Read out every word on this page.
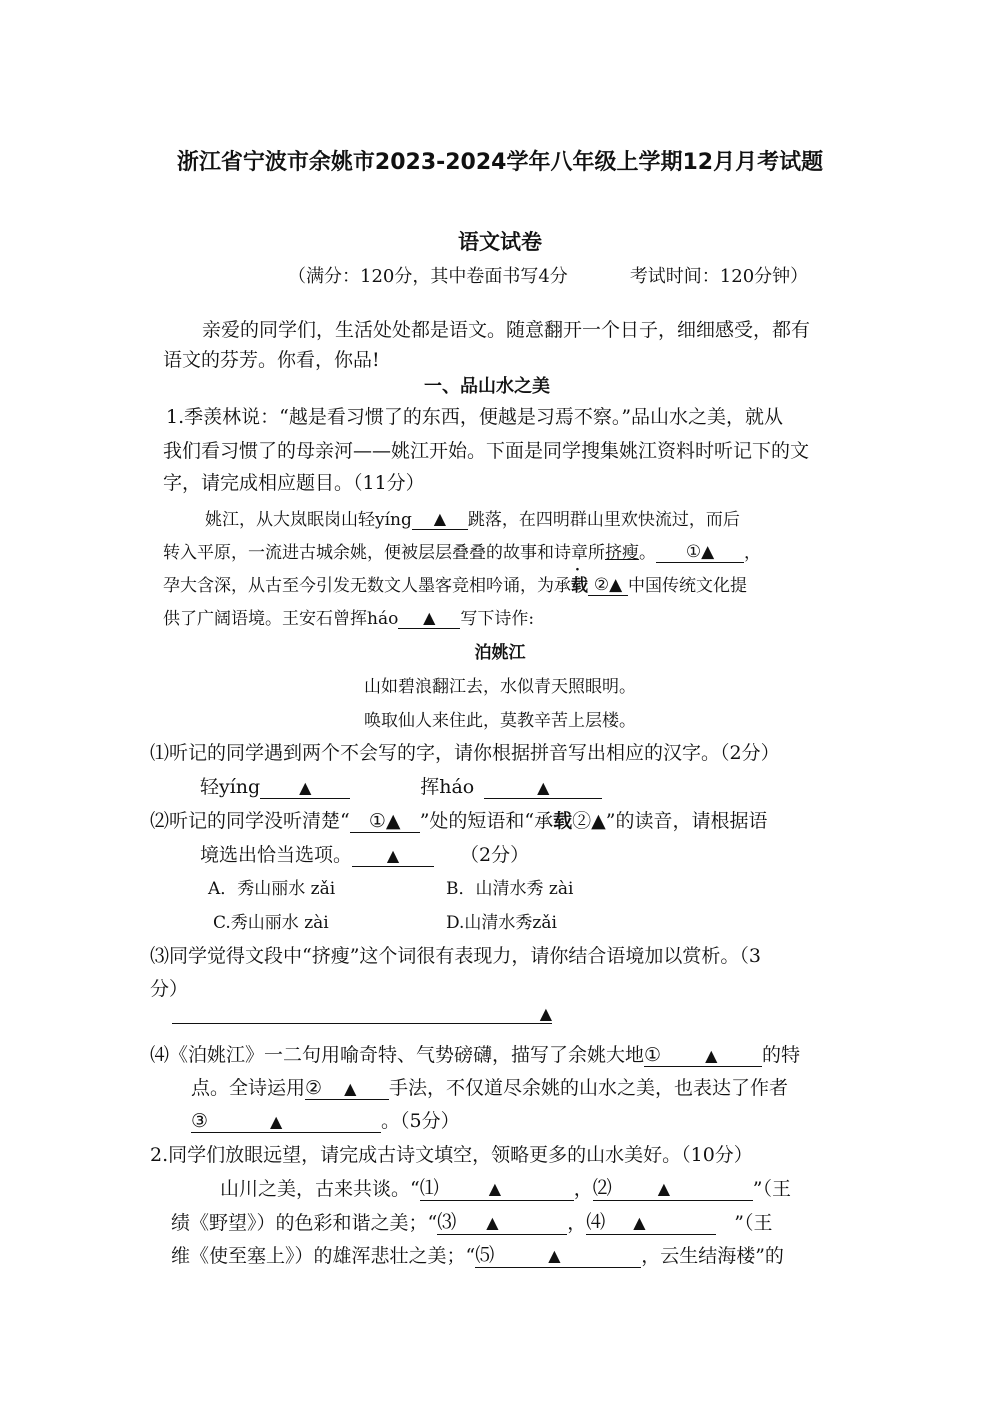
浙江省宁波市余姚市2023-2024学年八年级上学期12月月考试题
语文试卷
（满分：120分，其中卷面书写4分	考试时间：120分钟）
亲爱的同学们，生活处处都是语文。随意翻开一个日子，细细感受，都有
语文的芬芳。你看，你品!
一、品山水之美
1.季羡林说：“越是看习惯了的东西，便越是习焉不察。”品山水之美，就从
我们看习惯了的母亲河——姚江开始。下面是同学搜集姚江资料时听记下的文
字，请完成相应题目。（11分）
姚江，从大岚眠岗山轻yíng ▲ 跳落，在四明群山里欢快流过，而后
转入平原，一流进古城余姚，便被层层叠叠的故事和诗章所挤瘦。 ①▲ ，
孕大含深，从古至今引发无数文人墨客竞相吟诵，为承载 ②▲ 中国传统文化提
供了广阔语境。王安石曾挥háo ▲ 写下诗作:
泊姚江
山如碧浪翻江去，水似青天照眼明。
唤取仙人来住此，莫教辛苦上层楼。
⑴听记的同学遇到两个不会写的字，请你根据拼音写出相应的汉字。（2分）
轻yíng ▲	挥háo	▲
⑵听记的同学没听清楚“ ①▲ ”处的短语和“承载②▲”的读音，请根据语
境选出恰当选项。 ▲	（2分）
A．秀山丽水 zǎi	B．山清水秀 zài
C.秀山丽水 zài	D.山清水秀zǎi
⑶同学觉得文段中“挤瘦”这个词很有表现力，请你结合语境加以赏析。（3
分）
▲
⑷《泊姚江》一二句用喻奇特、气势磅礴，描写了余姚大地①	▲ 的特
点。全诗运用② ▲ 手法，不仅道尽余姚的山水之美，也表达了作者
③	▲	。（5分）
2.同学们放眼远望，请完成古诗文填空，领略更多的山水美好。（10分）
山川之美，古来共谈。“⑴	▲	，⑵	▲	”（王
绩《野望》）的色彩和谐之美；“⑶ ▲	，⑷ ▲	”（王
维《使至塞上》）的雄浑悲壮之美；“⑸	▲	，云生结海楼”的
